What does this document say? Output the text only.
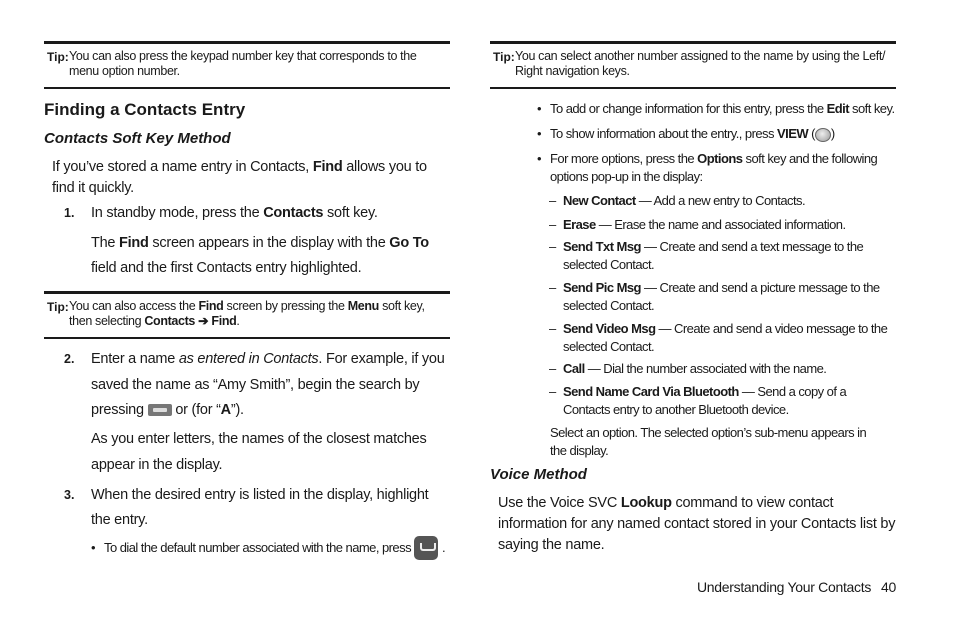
Tip: You can also press the keypad number key that corresponds to the menu option number.
Finding a Contacts Entry
Contacts Soft Key Method
If you’ve stored a name entry in Contacts, Find allows you to find it quickly.
1. In standby mode, press the Contacts soft key.
The Find screen appears in the display with the Go To field and the first Contacts entry highlighted.
Tip: You can also access the Find screen by pressing the Menu soft key, then selecting Contacts ➔ Find.
2. Enter a name as entered in Contacts. For example, if you saved the name as “Amy Smith”, begin the search by pressing  or (for “A”).
As you enter letters, the names of the closest matches appear in the display.
3. When the desired entry is listed in the display, highlight the entry.
• To dial the default number associated with the name, press	.
Tip: You can select another number assigned to the name by using the Left/ Right navigation keys.
• To add or change information for this entry, press the Edit soft key.
• To show information about the entry., press VIEW ( )
• For more options, press the Options soft key and the following options pop-up in the display:
– New Contact — Add a new entry to Contacts.
– Erase — Erase the name and associated information.
– Send Txt Msg — Create and send a text message to the selected Contact.
– Send Pic Msg — Create and send a picture message to the selected Contact.
– Send Video Msg — Create and send a video message to the selected Contact.
– Call — Dial the number associated with the name.
– Send Name Card Via Bluetooth — Send a copy of a Contacts entry to another Bluetooth device.
Select an option. The selected option’s sub-menu appears in the display.
Voice Method
Use the Voice SVC Lookup command to view contact information for any named contact stored in your Contacts list by saying the name.
Understanding Your Contacts 40
